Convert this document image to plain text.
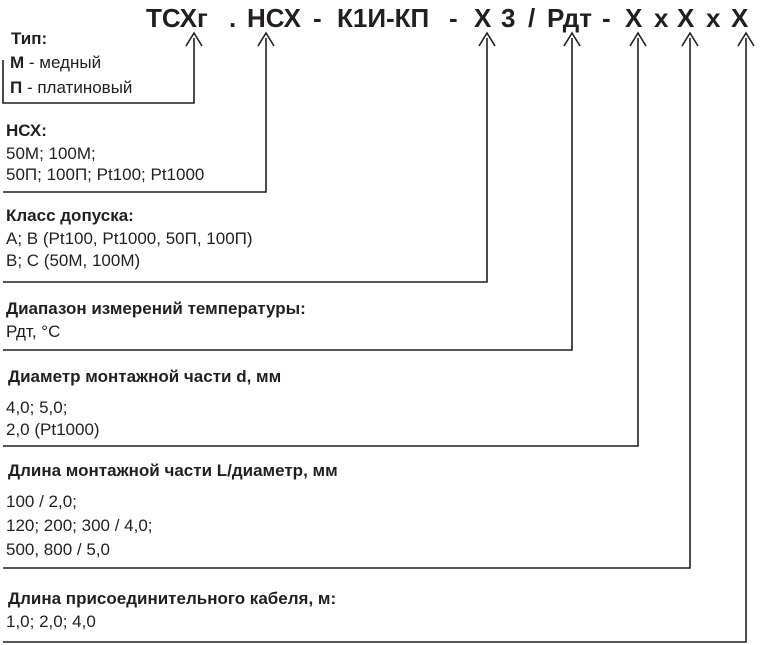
ТСХг . НСХ - К1И-КП - Х 3 / Рдт - Х х Х х Х
Тип:
М - медный
П - платиновый
НСХ:
50М; 100М;
50П; 100П; Pt100; Pt1000
Класс допуска:
А; В (Pt100, Pt1000, 50П, 100П)
В; С (50М, 100М)
Диапазон измерений температуры:
Рдт, °С
Диаметр монтажной части d, мм
4,0; 5,0;
2,0 (Pt1000)
Длина монтажной части L/диаметр, мм
100 / 2,0;
120; 200; 300 / 4,0;
500, 800 / 5,0
Длина присоединительного кабеля, м:
1,0; 2,0; 4,0
